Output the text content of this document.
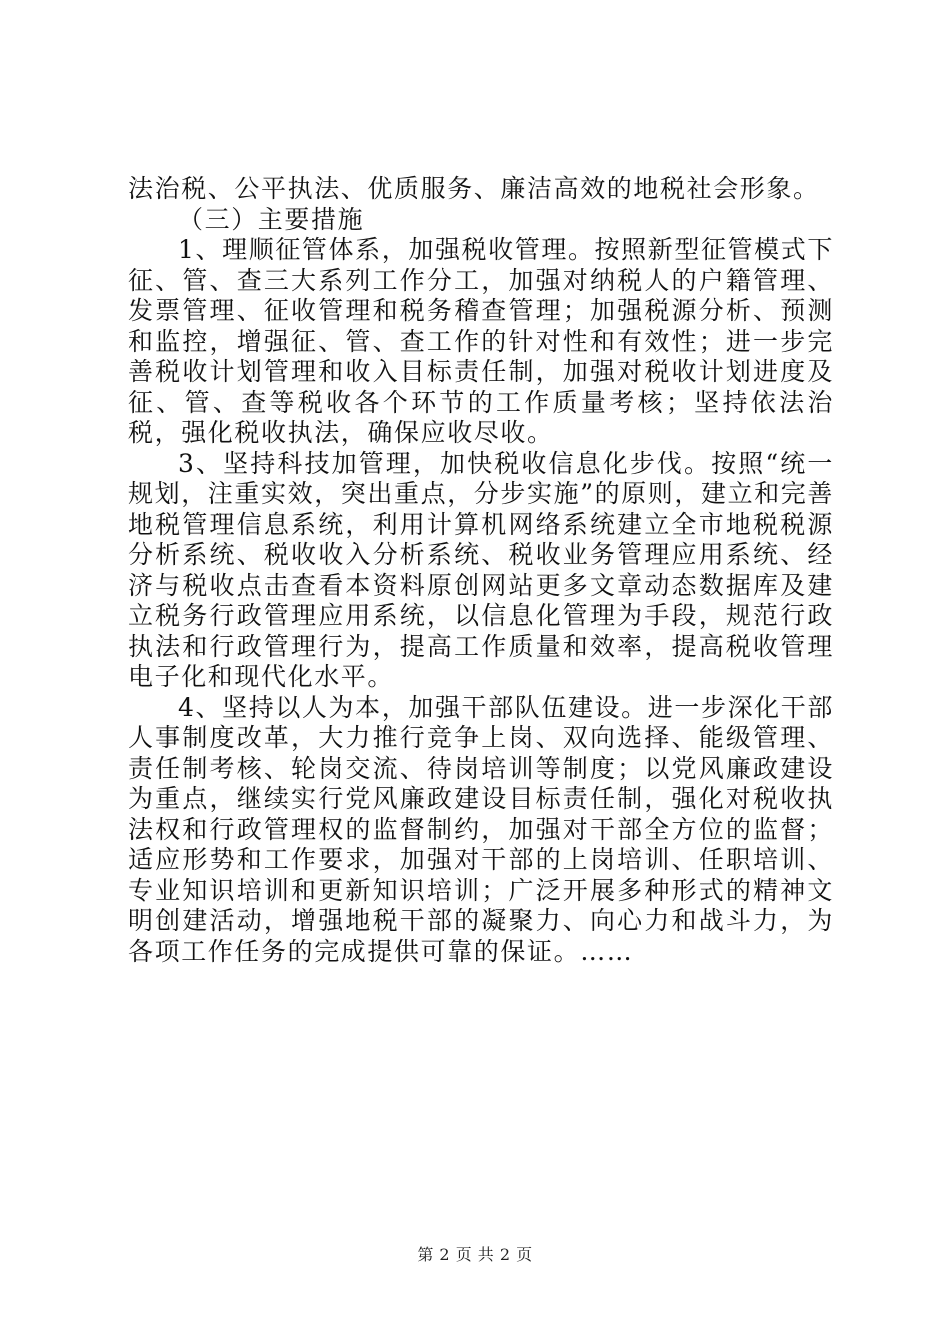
法治税、公平执法、优质服务、廉洁高效的地税社会形象。

（三）主要措施

1、理顺征管体系，加强税收管理。按照新型征管模式下征、管、查三大系列工作分工，加强对纳税人的户籍管理、发票管理、征收管理和税务稽查管理；加强税源分析、预测和监控，增强征、管、查工作的针对性和有效性；进一步完善税收计划管理和收入目标责任制，加强对税收计划进度及征、管、查等税收各个环节的工作质量考核；坚持依法治税，强化税收执法，确保应收尽收。

3、坚持科技加管理，加快税收信息化步伐。按照“统一规划，注重实效，突出重点，分步实施”的原则，建立和完善地税管理信息系统，利用计算机网络系统建立全市地税税源分析系统、税收收入分析系统、税收业务管理应用系统、经济与税收点击查看本资料原创网站更多文章动态数据库及建立税务行政管理应用系统，以信息化管理为手段，规范行政执法和行政管理行为，提高工作质量和效率，提高税收管理电子化和现代化水平。

4、坚持以人为本，加强干部队伍建设。进一步深化干部人事制度改革，大力推行竞争上岗、双向选择、能级管理、责任制考核、轮岗交流、待岗培训等制度；以党风廉政建设为重点，继续实行党风廉政建设目标责任制，强化对税收执法权和行政管理权的监督制约，加强对干部全方位的监督；适应形势和工作要求，加强对干部的上岗培训、任职培训、专业知识培训和更新知识培训；广泛开展多种形式的精神文明创建活动，增强地税干部的凝聚力、向心力和战斗力，为各项工作任务的完成提供可靠的保证。……

第 2 页 共 2 页
